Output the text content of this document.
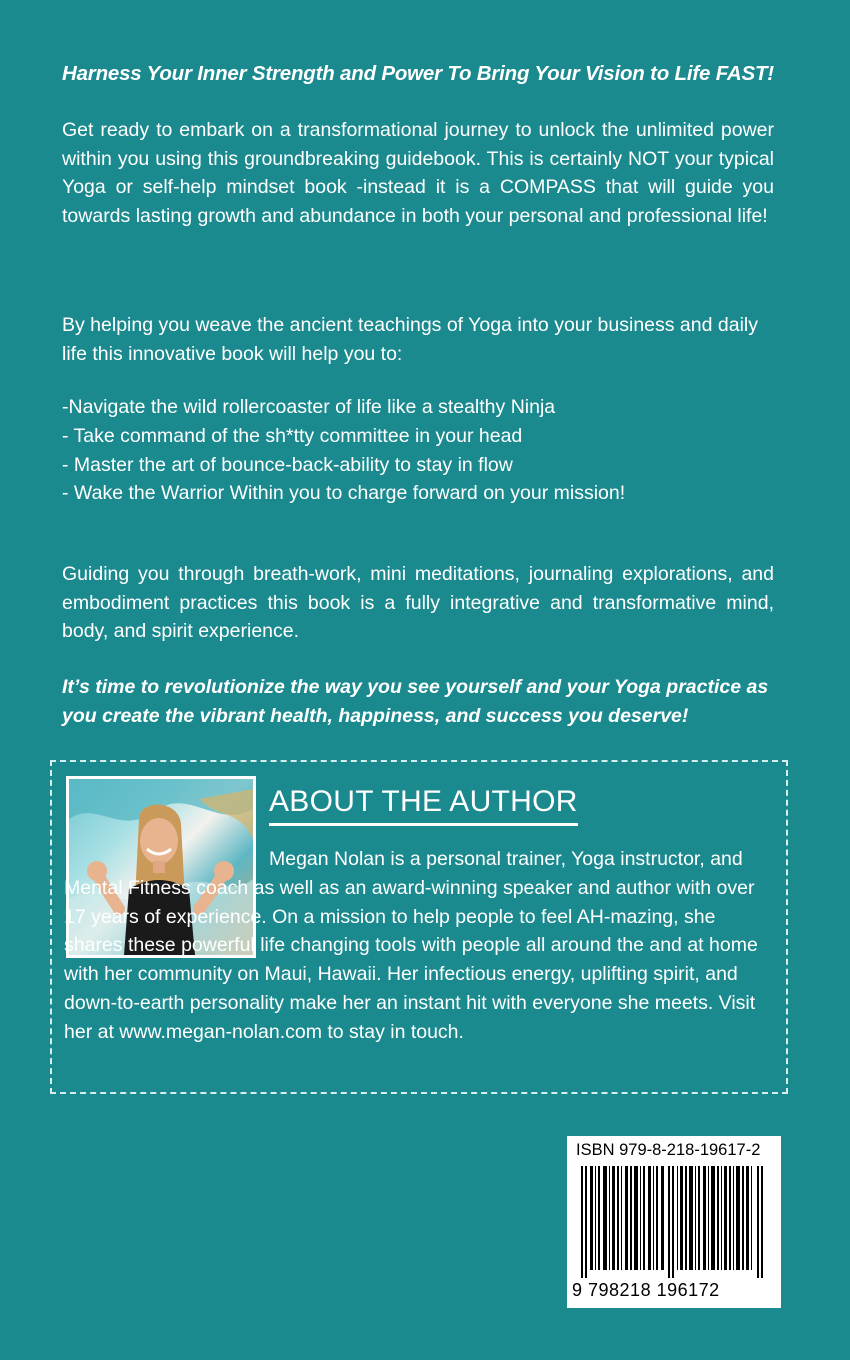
Harness Your Inner Strength and Power To Bring Your Vision to Life FAST!
Get ready to embark on a transformational journey to unlock the unlimited power within you using this groundbreaking guidebook. This is certainly NOT your typical Yoga or self-help mindset book -instead it is a COMPASS that will guide you towards lasting growth and abundance in both your personal and professional life!
By helping you weave the ancient teachings of Yoga into your business and daily life this innovative book will help you to:
-Navigate the wild rollercoaster of life like a stealthy Ninja
- Take command of the sh*tty committee in your head
- Master the art of bounce-back-ability to stay in flow
- Wake the Warrior Within you to charge forward on your mission!
Guiding you through breath-work, mini meditations, journaling explorations, and embodiment practices this book is a fully integrative and transformative mind, body, and spirit experience.
It’s time to revolutionize the way you see yourself and your Yoga practice as you create the vibrant health, happiness, and success you deserve!
ABOUT THE AUTHOR
Megan Nolan is a personal trainer, Yoga instructor, and Mental Fitness coach as well as an award-winning speaker and author with over 17 years of experience. On a mission to help people to feel AH-mazing, she shares these powerful life changing tools with people all around the and at home with her community on Maui, Hawaii. Her infectious energy, uplifting spirit, and down-to-earth personality make her an instant hit with everyone she meets. Visit her at www.megan-nolan.com to stay in touch.
ISBN 979-8-218-19617-2
9 798218 196172
